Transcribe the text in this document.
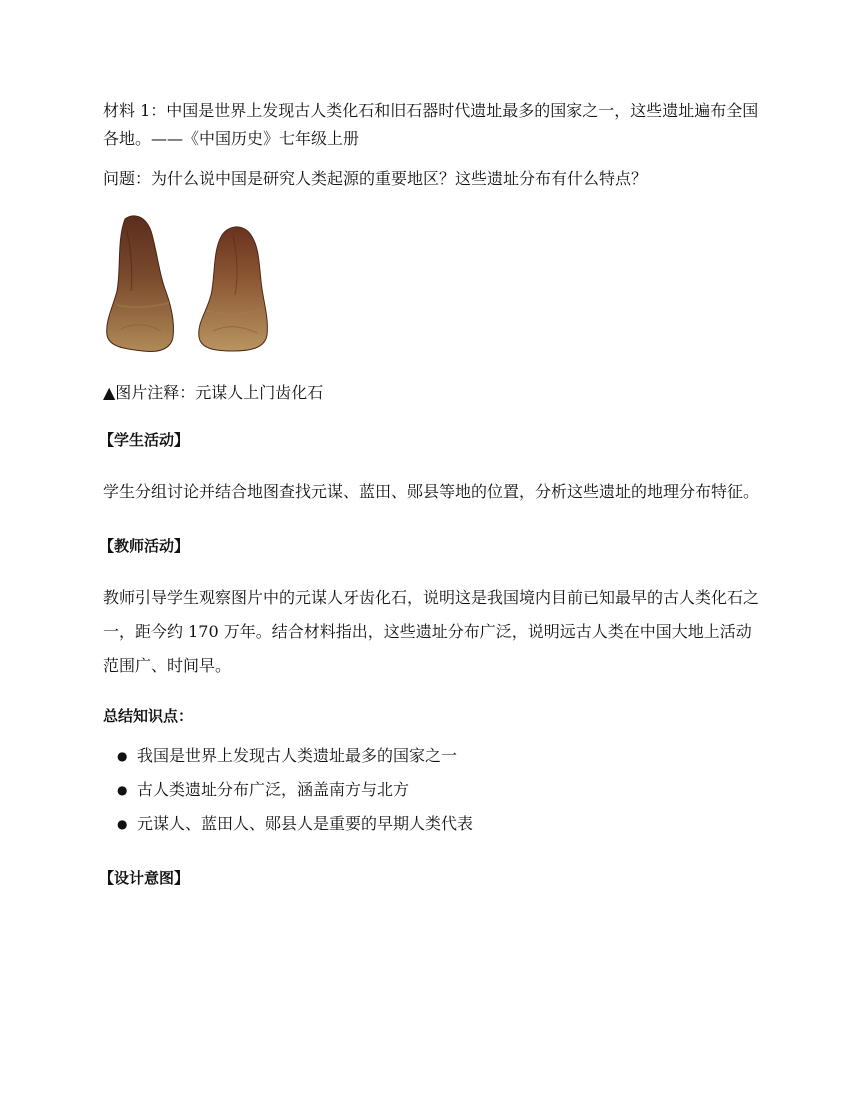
材料 1：中国是世界上发现古人类化石和旧石器时代遗址最多的国家之一，这些遗址遍布全国各地。——《中国历史》七年级上册

问题：为什么说中国是研究人类起源的重要地区？这些遗址分布有什么特点？

▲图片注释：元谋人上门齿化石

【学生活动】

学生分组讨论并结合地图查找元谋、蓝田、郧县等地的位置，分析这些遗址的地理分布特征。

【教师活动】

教师引导学生观察图片中的元谋人牙齿化石，说明这是我国境内目前已知最早的古人类化石之一，距今约 170 万年。结合材料指出，这些遗址分布广泛，说明远古人类在中国大地上活动范围广、时间早。

总结知识点：
● 我国是世界上发现古人类遗址最多的国家之一
● 古人类遗址分布广泛，涵盖南方与北方
● 元谋人、蓝田人、郧县人是重要的早期人类代表
【设计意图】
